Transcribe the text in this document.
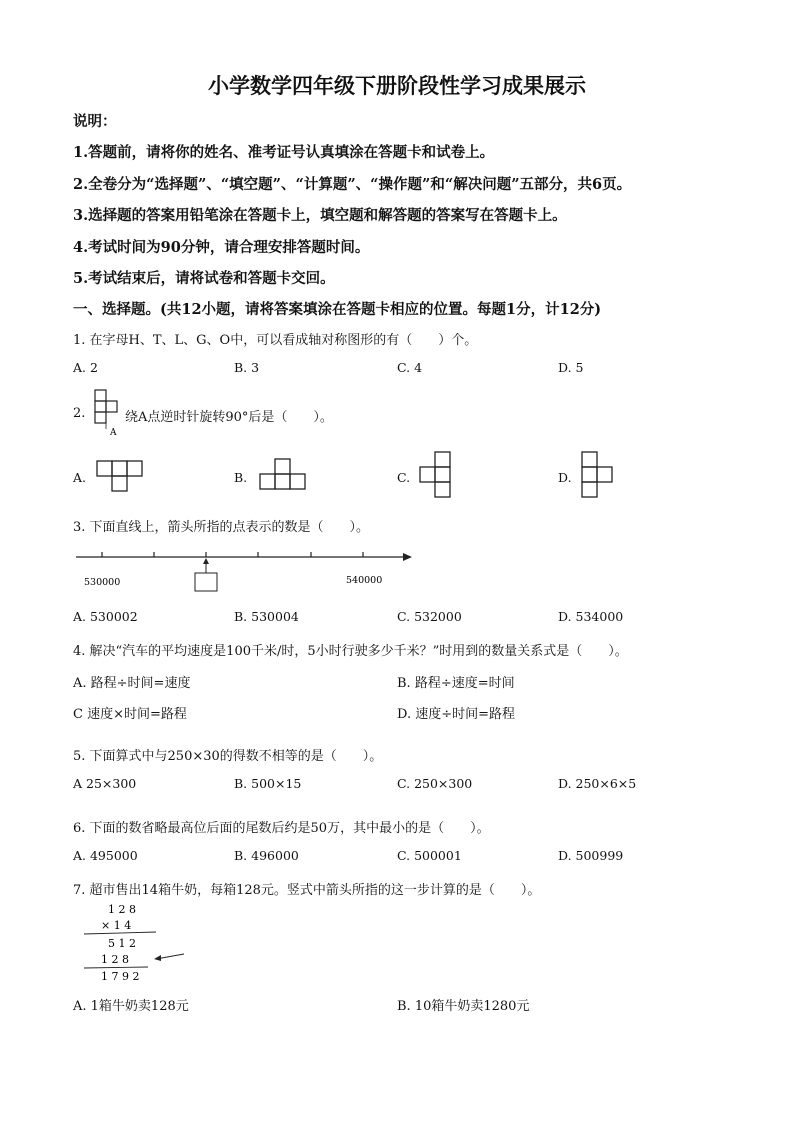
小学数学四年级下册阶段性学习成果展示
说明：
1.答题前，请将你的姓名、准考证号认真填涂在答题卡和试卷上。
2.全卷分为“选择题”、“填空题”、“计算题”、“操作题”和“解决问题”五部分，共6页。
3.选择题的答案用铅笔涂在答题卡上，填空题和解答题的答案写在答题卡上。
4.考试时间为90分钟，请合理安排答题时间。
5.考试结束后，请将试卷和答题卡交回。
一、选择题。(共12小题，请将答案填涂在答题卡相应的位置。每题1分，计12分)
1. 在字母H、T、L、G、O中，可以看成轴对称图形的有（　　）个。
A. 2	B. 3	C. 4	D. 5
2.
A
绕A点逆时针旋转90°后是（　　）。
A.	B.	C.	D.
3. 下面直线上，箭头所指的点表示的数是（　　）。
530000	540000
A. 530002	B. 530004	C. 532000	D. 534000
4. 解决“汽车的平均速度是100千米/时，5小时行驶多少千米？”时用到的数量关系式是（　　）。
A. 路程÷时间=速度	B. 路程÷速度=时间
C 速度×时间=路程	D. 速度÷时间=路程
5. 下面算式中与250×30的得数不相等的是（　　）。
A 25×300	B. 500×15	C. 250×300	D. 250×6×5
6. 下面的数省略最高位后面的尾数后约是50万，其中最小的是（　　）。
A. 495000	B. 496000	C. 500001	D. 500999
7. 超市售出14箱牛奶，每箱128元。竖式中箭头所指的这一步计算的是（　　）。
1 2 8
× 1 4
5 1 2
1 2 8
1 7 9 2
A. 1箱牛奶卖128元	B. 10箱牛奶卖1280元
